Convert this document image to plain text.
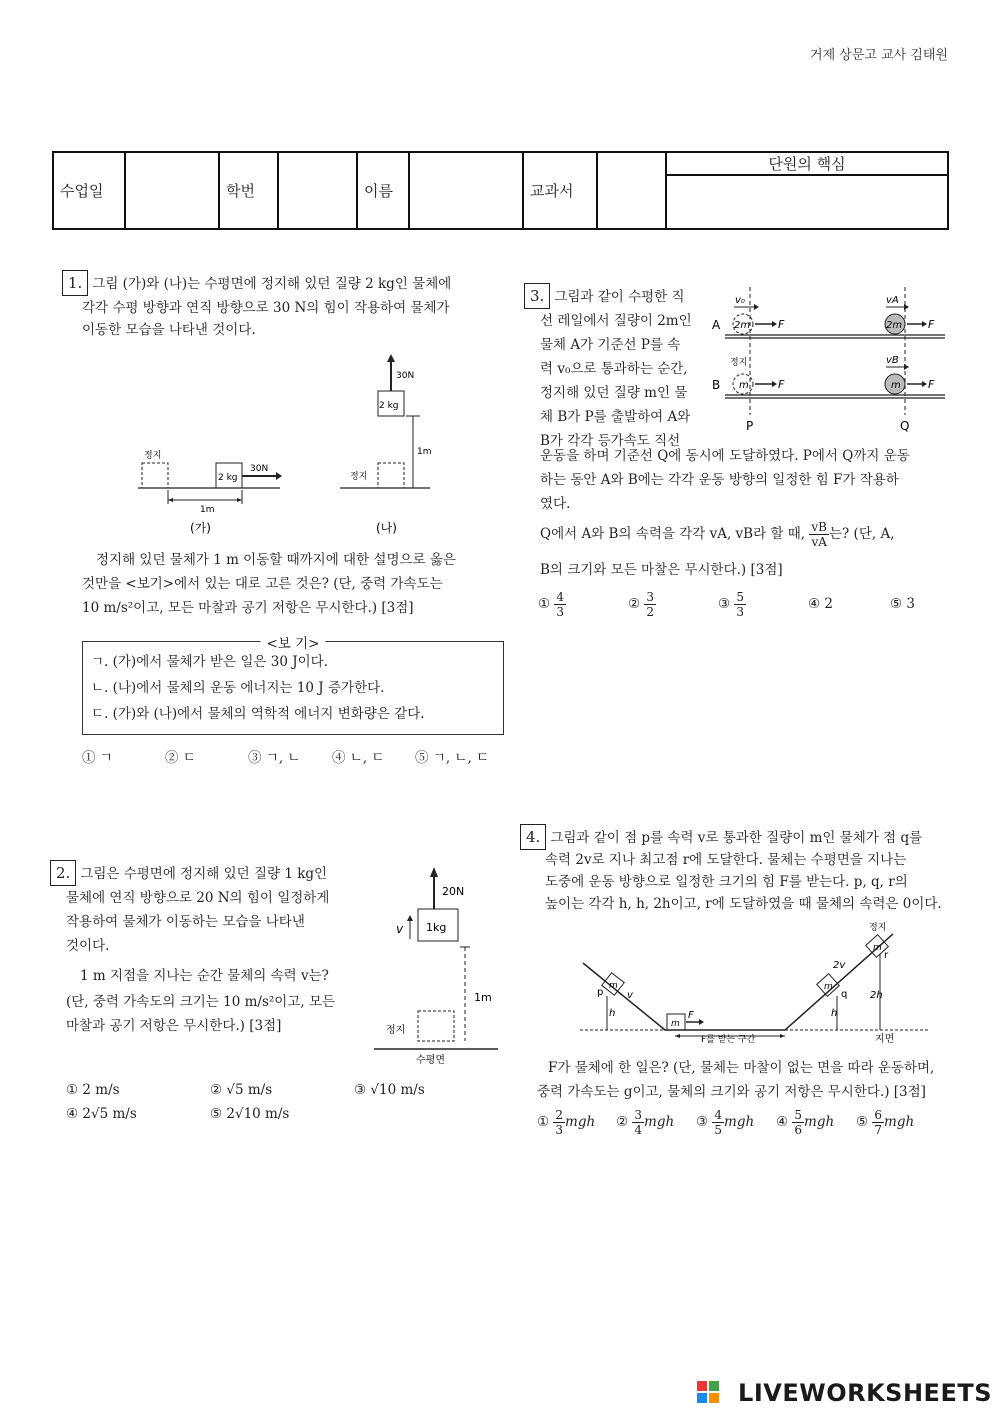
거제 상문고 교사 김태원
수업일		학번		이름		교과서		단원의 핵심

1. 그림 (가)와 (나)는 수평면에 정지해 있던 질량 2 kg인 물체에
각각 수평 방향과 연직 방향으로 30 N의 힘이 작용하여 물체가
이동한 모습을 나타낸 것이다.
정지
2 kg
30N
1m
(가)
정지
2 kg
30N
1m
(나)
정지해 있던 물체가 1 m 이동할 때까지에 대한 설명으로 옳은
것만을 <보기>에서 있는 대로 고른 것은? (단, 중력 가속도는
10 m/s²이고, 모든 마찰과 공기 저항은 무시한다.) [3점]
<보 기>
ㄱ. (가)에서 물체가 받은 일은 30 J이다.
ㄴ. (나)에서 물체의 운동 에너지는 10 J 증가한다.
ㄷ. (가)와 (나)에서 물체의 역학적 에너지 변화량은 같다.
① ㄱ	② ㄷ	③ ㄱ, ㄴ ④ ㄴ, ㄷ ⑤ ㄱ, ㄴ, ㄷ
2. 그림은 수평면에 정지해 있던 질량 1 kg인
물체에 연직 방향으로 20 N의 힘이 일정하게
작용하여 물체가 이동하는 모습을 나타낸
것이다.
1 m 지점을 지나는 순간 물체의 속력 v는?
(단, 중력 가속도의 크기는 10 m/s²이고, 모든
마찰과 공기 저항은 무시한다.) [3점]
1kg
20N
v
1m
정지
수평면
① 2 m/s	② √5 m/s	③ √10 m/s
④ 2√5 m/s	⑤ 2√10 m/s
3. 그림과 같이 수평한 직
선 레일에서 질량이 2m인
물체 A가 기준선 P를 속
력 v₀으로 통과하는 순간,
정지해 있던 질량 m인 물
체 B가 P를 출발하여 A와
B가 각각 등가속도 직선
A
B
2m	F
v₀
2m F
vA
정지
m	F	m F
vB
P	Q
운동을 하며 기준선 Q에 동시에 도달하였다. P에서 Q까지 운동
하는 동안 A와 B에는 각각 운동 방향의 일정한 힘 F가 작용하
였다.
Q에서 A와 B의 속력을 각각 vA, vB라 할 때, $\frac{vB}{vA}$ 는? (단, A,
B의 크기와 모든 마찰은 무시한다.) [3점]
① $\frac{4}{3}$	② $\frac{3}{2}$	③ $\frac{5}{3}$	④ 2	⑤ 3
4. 그림과 같이 점 p를 속력 v로 통과한 질량이 m인 물체가 점 q를
속력 2v로 지나 최고점 r에 도달한다. 물체는 수평면을 지나는
도중에 운동 방향으로 일정한 크기의 힘 F를 받는다. p, q, r의
높이는 각각 h, h, 2h이고, r에 도달하였을 때 물체의 속력은 0이다.
지면
m
p v
h
m
F
F를 받는 구간
m
q
2v
h
m
정지
r
2h
F가 물체에 한 일은? (단, 물체는 마찰이 없는 면을 따라 운동하며,
중력 가속도는 g이고, 물체의 크기와 공기 저항은 무시한다.) [3점]
① $\frac{2}{3}$ mgh ② $\frac{3}{4}$ mgh ③ $\frac{4}{5}$ mgh ④ $\frac{5}{6}$ mgh ⑤ $\frac{6}{7}$ mgh
LIVEWORKSHEETS
